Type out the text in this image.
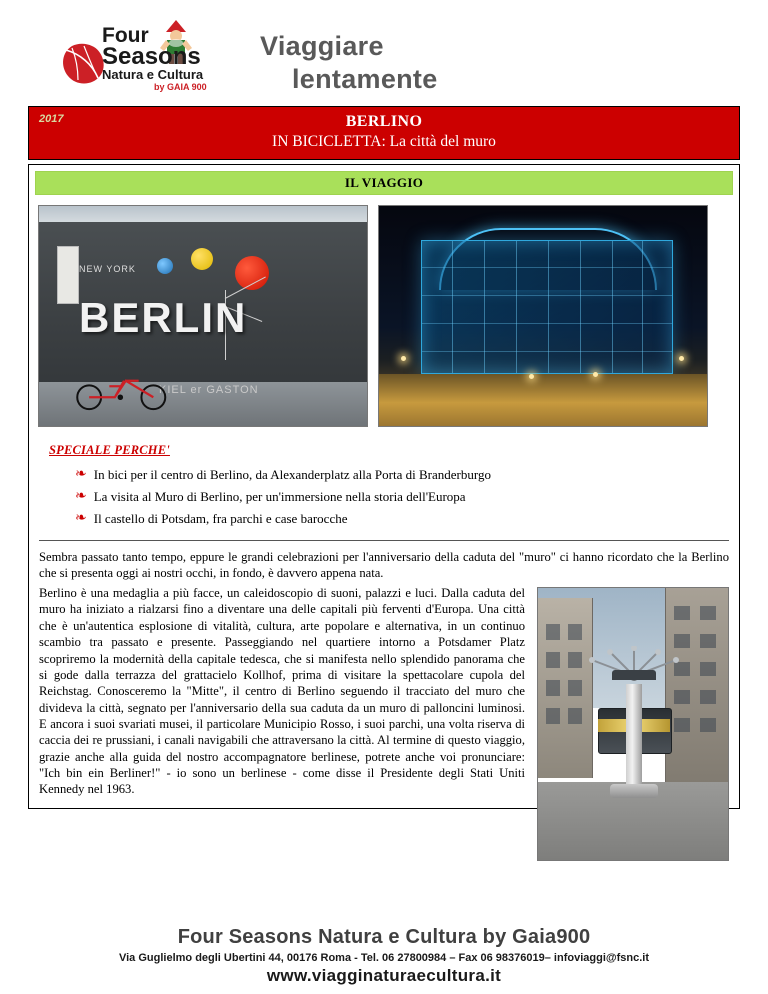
Four
Seasons
Natura e Cultura
by GAIA 900
Viaggiare
lentamente
2017	BERLINO
IN BICICLETTA: La città del muro
IL VIAGGIO
NEW YORK
BERLIN
KIEL er GASTON
SPECIALE PERCHE'
❧ In bici per il centro di Berlino, da Alexanderplatz alla Porta di Branderburgo
❧ La visita al Muro di Berlino, per un'immersione nella storia dell'Europa
❧ Il castello di Potsdam, fra parchi e case barocche
Sembra passato tanto tempo, eppure le grandi celebrazioni per l'anniversario della caduta del "muro" ci hanno ricordato che la Berlino che si presenta oggi ai nostri occhi, in fondo, è davvero appena nata.
Berlino è una medaglia a più facce, un caleidoscopio di suoni, palazzi e luci. Dalla caduta del muro ha iniziato a rialzarsi fino a diventare una delle capitali più ferventi d'Europa. Una città che è un'autentica esplosione di vitalità, cultura, arte popolare e alternativa, in un continuo scambio tra passato e presente. Passeggiando nel quartiere intorno a Potsdamer Platz scopriremo la modernità della capitale tedesca, che si manifesta nello splendido panorama che si gode dalla terrazza del grattacielo Kollhof, prima di visitare la spettacolare cupola del Reichstag. Conosceremo la "Mitte", il centro di Berlino seguendo il tracciato del muro che divideva la città, segnato per l'anniversario della sua caduta da un muro di palloncini luminosi. E ancora i suoi svariati musei, il particolare Municipio Rosso, i suoi parchi, una volta riserva di caccia dei re prussiani, i canali navigabili che attraversano la città. Al termine di questo viaggio, grazie anche alla guida del nostro accompagnatore berlinese, potrete anche voi pronunciare: "Ich bin ein Berliner!" - io sono un berlinese - come disse il Presidente degli Stati Uniti Kennedy nel 1963.
Four Seasons Natura e Cultura by Gaia900
Via Guglielmo degli Ubertini 44, 00176 Roma - Tel. 06 27800984 – Fax 06 98376019– infoviaggi@fsnc.it
www.viagginaturaecultura.it
